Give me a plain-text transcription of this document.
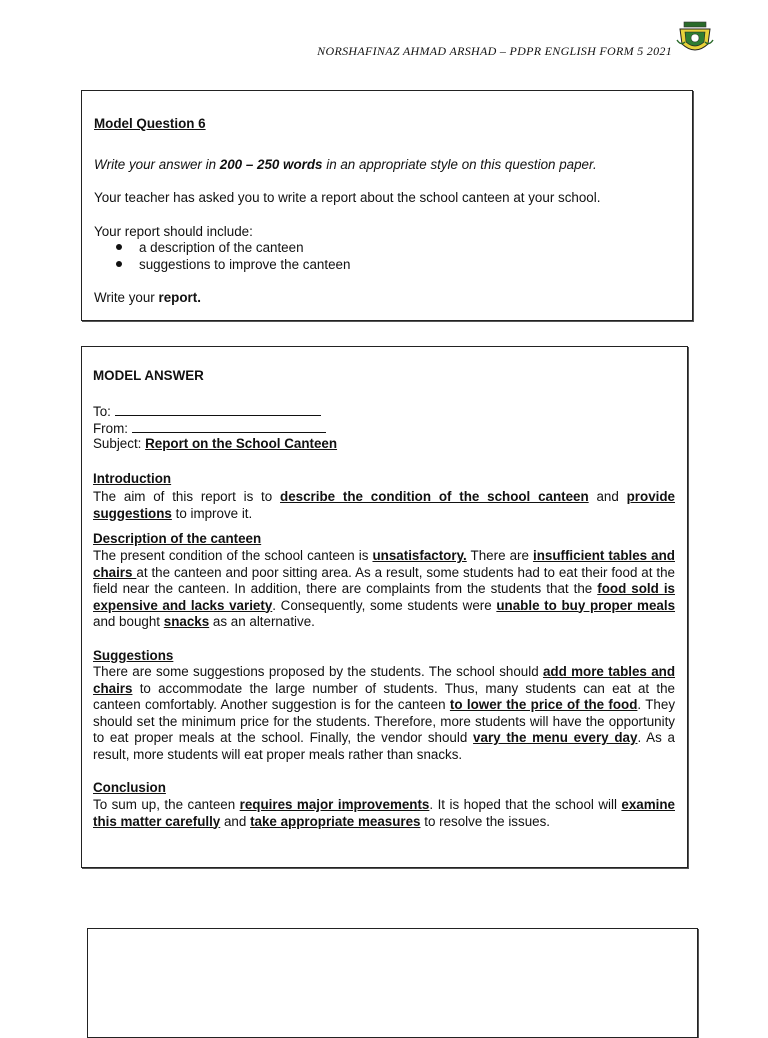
NORSHAFINAZ AHMAD ARSHAD – PDPR ENGLISH FORM 5 2021
Model Question 6
Write your answer in 200 – 250 words in an appropriate style on this question paper.
Your teacher has asked you to write a report about the school canteen at your school.
Your report should include:
a description of the canteen
suggestions to improve the canteen
Write your report.
MODEL ANSWER
To:
From:
Subject: Report on the School Canteen
Introduction

The aim of this report is to describe the condition of the school canteen and provide suggestions to improve it.

Description of the canteen

The present condition of the school canteen is unsatisfactory. There are insufficient tables and chairs at the canteen and poor sitting area. As a result, some students had to eat their food at the field near the canteen. In addition, there are complaints from the students that the food sold is expensive and lacks variety. Consequently, some students were unable to buy proper meals and bought snacks as an alternative.

Suggestions

There are some suggestions proposed by the students. The school should add more tables and chairs to accommodate the large number of students. Thus, many students can eat at the canteen comfortably. Another suggestion is for the canteen to lower the price of the food. They should set the minimum price for the students. Therefore, more students will have the opportunity to eat proper meals at the school. Finally, the vendor should vary the menu every day. As a result, more students will eat proper meals rather than snacks.

Conclusion

To sum up, the canteen requires major improvements. It is hoped that the school will examine this matter carefully and take appropriate measures to resolve the issues.
